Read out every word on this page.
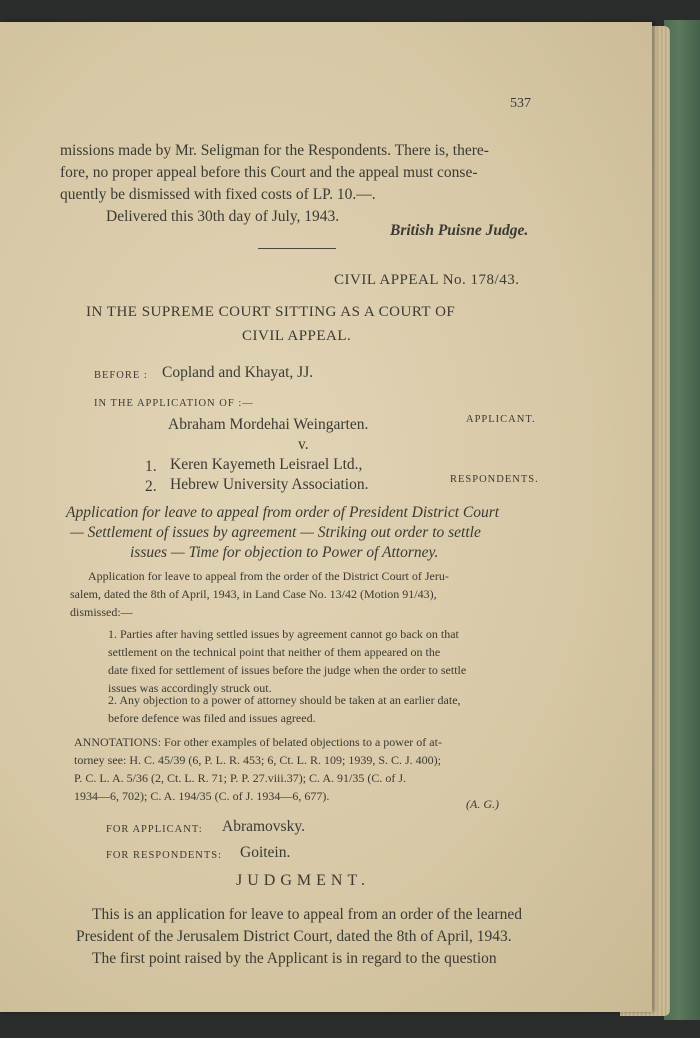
537
missions made by Mr. Seligman for the Respondents. There is, there-
fore, no proper appeal before this Court and the appeal must conse-
quently be dismissed with fixed costs of LP. 10.—.
Delivered this 30th day of July, 1943.
British Puisne Judge.
CIVIL APPEAL No. 178/43.
IN THE SUPREME COURT SITTING AS A COURT OF
CIVIL APPEAL.
BEFORE : Copland and Khayat, JJ.
IN THE APPLICATION OF :—
Abraham Mordehai Weingarten.	APPLICANT.
v.
1. Keren Kayemeth Leisrael Ltd.,
2. Hebrew University Association.	RESPONDENTS.
Application for leave to appeal from order of President District Court
— Settlement of issues by agreement — Striking out order to settle
issues — Time for objection to Power of Attorney.
Application for leave to appeal from the order of the District Court of Jeru-
salem, dated the 8th of April, 1943, in Land Case No. 13/42 (Motion 91/43),
dismissed:—
1. Parties after having settled issues by agreement cannot go back on that
settlement on the technical point that neither of them appeared on the
date fixed for settlement of issues before the judge when the order to settle
issues was accordingly struck out.
2. Any objection to a power of attorney should be taken at an earlier date,
before defence was filed and issues agreed.
ANNOTATIONS: For other examples of belated objections to a power of at-
torney see: H. C. 45/39 (6, P. L. R. 453; 6, Ct. L. R. 109; 1939, S. C. J. 400);
P. C. L. A. 5/36 (2, Ct. L. R. 71; P. P. 27.viii.37); C. A. 91/35 (C. of J.
1934—6, 702); C. A. 194/35 (C. of J. 1934—6, 677).
(A. G.)
FOR APPLICANT: Abramovsky.
FOR RESPONDENTS: Goitein.
JUDGMENT.
This is an application for leave to appeal from an order of the learned
President of the Jerusalem District Court, dated the 8th of April, 1943.
The first point raised by the Applicant is in regard to the question
